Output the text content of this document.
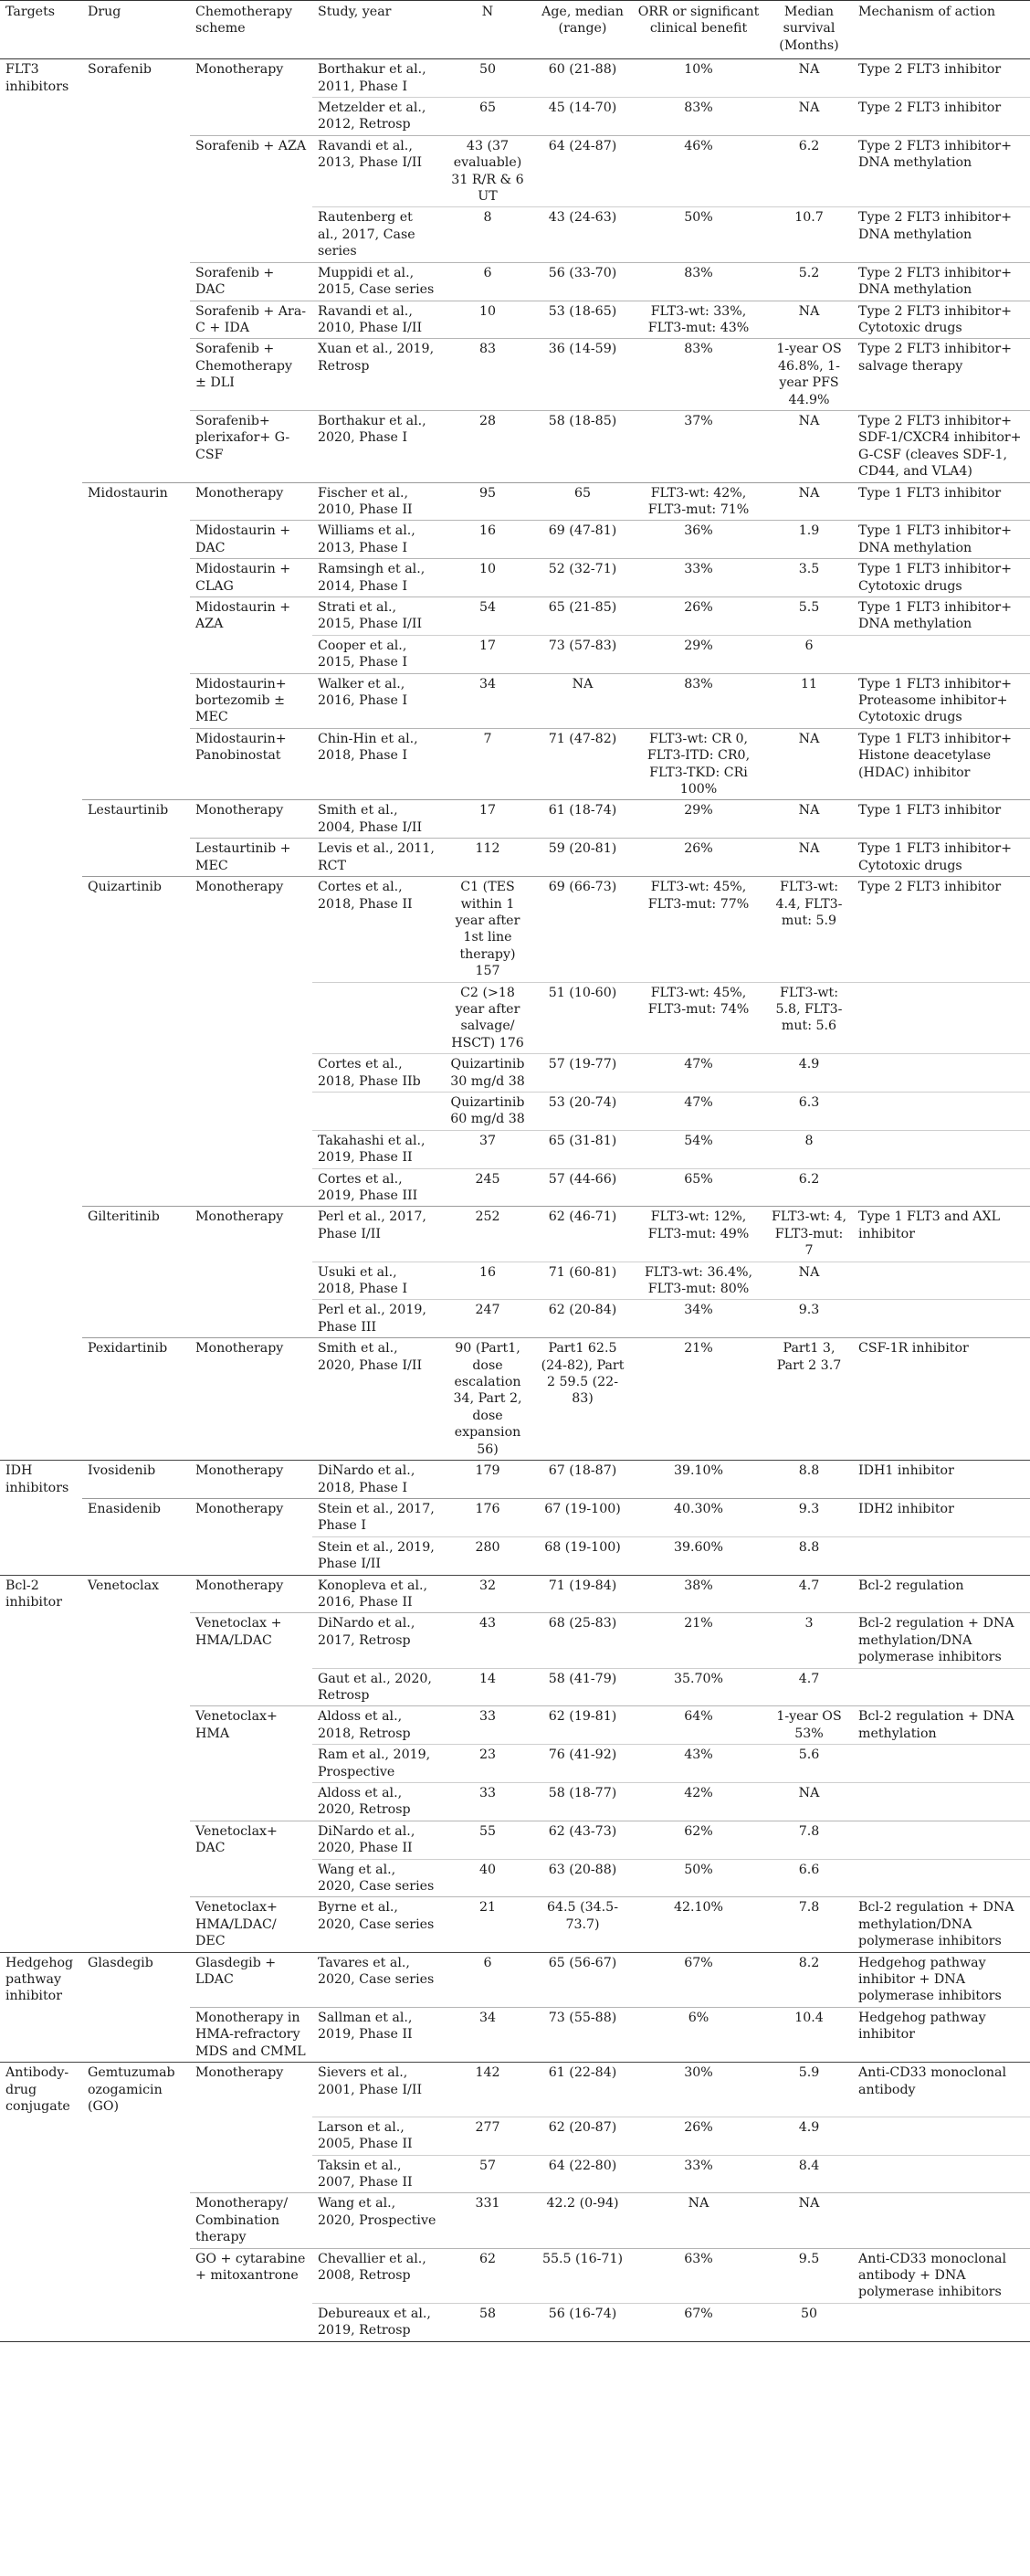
Targets	Drug	Chemotherapy scheme	Study, year	N	Age, median (range)	ORR or significant clinical benefit	Median survival (Months)	Mechanism of action
FLT3 inhibitors	Sorafenib	Monotherapy	Borthakur et al., 2011, Phase I	50	60 (21-88)	10%	NA	Type 2 FLT3 inhibitor
			Metzelder et al., 2012, Retrosp	65	45 (14-70)	83%	NA	Type 2 FLT3 inhibitor
		Sorafenib + AZA	Ravandi et al., 2013, Phase I/II	43 (37 evaluable) 31 R/R & 6 UT	64 (24-87)	46%	6.2	Type 2 FLT3 inhibitor+ DNA methylation
			Rautenberg et al., 2017, Case series	8	43 (24-63)	50%	10.7	Type 2 FLT3 inhibitor+ DNA methylation
		Sorafenib + DAC	Muppidi et al., 2015, Case series	6	56 (33-70)	83%	5.2	Type 2 FLT3 inhibitor+ DNA methylation
		Sorafenib + Ara-C + IDA	Ravandi et al., 2010, Phase I/II	10	53 (18-65)	FLT3-wt: 33%, FLT3-mut: 43%	NA	Type 2 FLT3 inhibitor+ Cytotoxic drugs
		Sorafenib + Chemotherapy ± DLI	Xuan et al., 2019, Retrosp	83	36 (14-59)	83%	1-year OS 46.8%, 1-year PFS 44.9%	Type 2 FLT3 inhibitor+ salvage therapy
		Sorafenib+ plerixafor+ G-CSF	Borthakur et al., 2020, Phase I	28	58 (18-85)	37%	NA	Type 2 FLT3 inhibitor+ SDF-1/CXCR4 inhibitor+ G-CSF (cleaves SDF-1, CD44, and VLA4)
	Midostaurin	Monotherapy	Fischer et al., 2010, Phase II	95	65	FLT3-wt: 42%, FLT3-mut: 71%	NA	Type 1 FLT3 inhibitor
		Midostaurin + DAC	Williams et al., 2013, Phase I	16	69 (47-81)	36%	1.9	Type 1 FLT3 inhibitor+ DNA methylation
		Midostaurin + CLAG	Ramsingh et al., 2014, Phase I	10	52 (32-71)	33%	3.5	Type 1 FLT3 inhibitor+ Cytotoxic drugs
		Midostaurin + AZA	Strati et al., 2015, Phase I/II	54	65 (21-85)	26%	5.5	Type 1 FLT3 inhibitor+ DNA methylation
			Cooper et al., 2015, Phase I	17	73 (57-83)	29%	6	
		Midostaurin+ bortezomib ± MEC	Walker et al., 2016, Phase I	34	NA	83%	11	Type 1 FLT3 inhibitor+ Proteasome inhibitor+ Cytotoxic drugs
		Midostaurin+ Panobinostat	Chin-Hin et al., 2018, Phase I	7	71 (47-82)	FLT3-wt: CR 0, FLT3-ITD: CR0, FLT3-TKD: CRi 100%	NA	Type 1 FLT3 inhibitor+ Histone deacetylase (HDAC) inhibitor
	Lestaurtinib	Monotherapy	Smith et al., 2004, Phase I/II	17	61 (18-74)	29%	NA	Type 1 FLT3 inhibitor
		Lestaurtinib + MEC	Levis et al., 2011, RCT	112	59 (20-81)	26%	NA	Type 1 FLT3 inhibitor+ Cytotoxic drugs
	Quizartinib	Monotherapy	Cortes et al., 2018, Phase II	C1 (TES within 1 year after 1st line therapy) 157	69 (66-73)	FLT3-wt: 45%, FLT3-mut: 77%	FLT3-wt: 4.4, FLT3-mut: 5.9	Type 2 FLT3 inhibitor
				C2 (>18 year after salvage/ HSCT) 176	51 (10-60)	FLT3-wt: 45%, FLT3-mut: 74%	FLT3-wt: 5.8, FLT3-mut: 5.6	
			Cortes et al., 2018, Phase IIb	Quizartinib 30 mg/d 38	57 (19-77)	47%	4.9	
				Quizartinib 60 mg/d 38	53 (20-74)	47%	6.3	
			Takahashi et al., 2019, Phase II	37	65 (31-81)	54%	8	
			Cortes et al., 2019, Phase III	245	57 (44-66)	65%	6.2	
	Gilteritinib	Monotherapy	Perl et al., 2017, Phase I/II	252	62 (46-71)	FLT3-wt: 12%, FLT3-mut: 49%	FLT3-wt: 4, FLT3-mut: 7	Type 1 FLT3 and AXL inhibitor
			Usuki et al., 2018, Phase I	16	71 (60-81)	FLT3-wt: 36.4%, FLT3-mut: 80%	NA	
			Perl et al., 2019, Phase III	247	62 (20-84)	34%	9.3	
	Pexidartinib	Monotherapy	Smith et al., 2020, Phase I/II	90 (Part1, dose escalation 34, Part 2, dose expansion 56)	Part1 62.5 (24-82), Part 2 59.5 (22-83)	21%	Part1 3, Part 2 3.7	CSF-1R inhibitor
IDH inhibitors	Ivosidenib	Monotherapy	DiNardo et al., 2018, Phase I	179	67 (18-87)	39.10%	8.8	IDH1 inhibitor
	Enasidenib	Monotherapy	Stein et al., 2017, Phase I	176	67 (19-100)	40.30%	9.3	IDH2 inhibitor
			Stein et al., 2019, Phase I/II	280	68 (19-100)	39.60%	8.8	
Bcl-2 inhibitor	Venetoclax	Monotherapy	Konopleva et al., 2016, Phase II	32	71 (19-84)	38%	4.7	Bcl-2 regulation
		Venetoclax + HMA/LDAC	DiNardo et al., 2017, Retrosp	43	68 (25-83)	21%	3	Bcl-2 regulation + DNA methylation/DNA polymerase inhibitors
			Gaut et al., 2020, Retrosp	14	58 (41-79)	35.70%	4.7	
		Venetoclax+ HMA	Aldoss et al., 2018, Retrosp	33	62 (19-81)	64%	1-year OS 53%	Bcl-2 regulation + DNA methylation
			Ram et al., 2019, Prospective	23	76 (41-92)	43%	5.6	
			Aldoss et al., 2020, Retrosp	33	58 (18-77)	42%	NA	
		Venetoclax+ DAC	DiNardo et al., 2020, Phase II	55	62 (43-73)	62%	7.8	
			Wang et al., 2020, Case series	40	63 (20-88)	50%	6.6	
		Venetoclax+ HMA/LDAC/ DEC	Byrne et al., 2020, Case series	21	64.5 (34.5-73.7)	42.10%	7.8	Bcl-2 regulation + DNA methylation/DNA polymerase inhibitors
Hedgehog pathway inhibitor	Glasdegib	Glasdegib + LDAC	Tavares et al., 2020, Case series	6	65 (56-67)	67%	8.2	Hedgehog pathway inhibitor + DNA polymerase inhibitors
		Monotherapy in HMA-refractory MDS and CMML	Sallman et al., 2019, Phase II	34	73 (55-88)	6%	10.4	Hedgehog pathway inhibitor
Antibody-drug conjugate	Gemtuzumab ozogamicin (GO)	Monotherapy	Sievers et al., 2001, Phase I/II	142	61 (22-84)	30%	5.9	Anti-CD33 monoclonal antibody
			Larson et al., 2005, Phase II	277	62 (20-87)	26%	4.9	
			Taksin et al., 2007, Phase II	57	64 (22-80)	33%	8.4	
		Monotherapy/ Combination therapy	Wang et al., 2020, Prospective	331	42.2 (0-94)	NA	NA	
		GO + cytarabine + mitoxantrone	Chevallier et al., 2008, Retrosp	62	55.5 (16-71)	63%	9.5	Anti-CD33 monoclonal antibody + DNA polymerase inhibitors
			Debureaux et al., 2019, Retrosp	58	56 (16-74)	67%	50	
